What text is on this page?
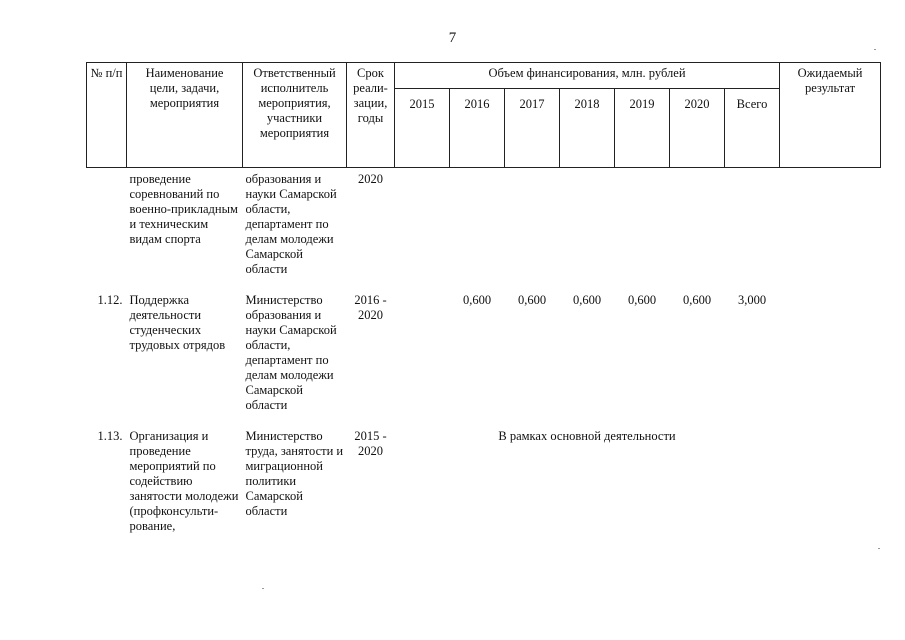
7
№ п/п	Наименование цели, задачи, мероприятия	Ответственный исполнитель мероприятия, участники мероприятия	Срок реали-зации, годы	Объем финансирования, млн. рублей							Ожидаемый результат
				2015	2016	2017	2018	2019	2020	Всего	
	проведение соревнований по военно-прикладным и техническим видам спорта	образования и науки Самарской области, департамент по делам молодежи Самарской области	2020								
1.12.	Поддержка деятельности студенческих трудовых отрядов	Министерство образования и науки Самарской области, департамент по делам молодежи Самарской области	2016 - 2020		0,600	0,600	0,600	0,600	0,600	3,000	
1.13.	Организация и проведение мероприятий по содействию занятости молодежи (профконсульти-рование,	Министерство труда, занятости и миграционной политики Самарской области	2015 - 2020	В рамках основной деятельности							
